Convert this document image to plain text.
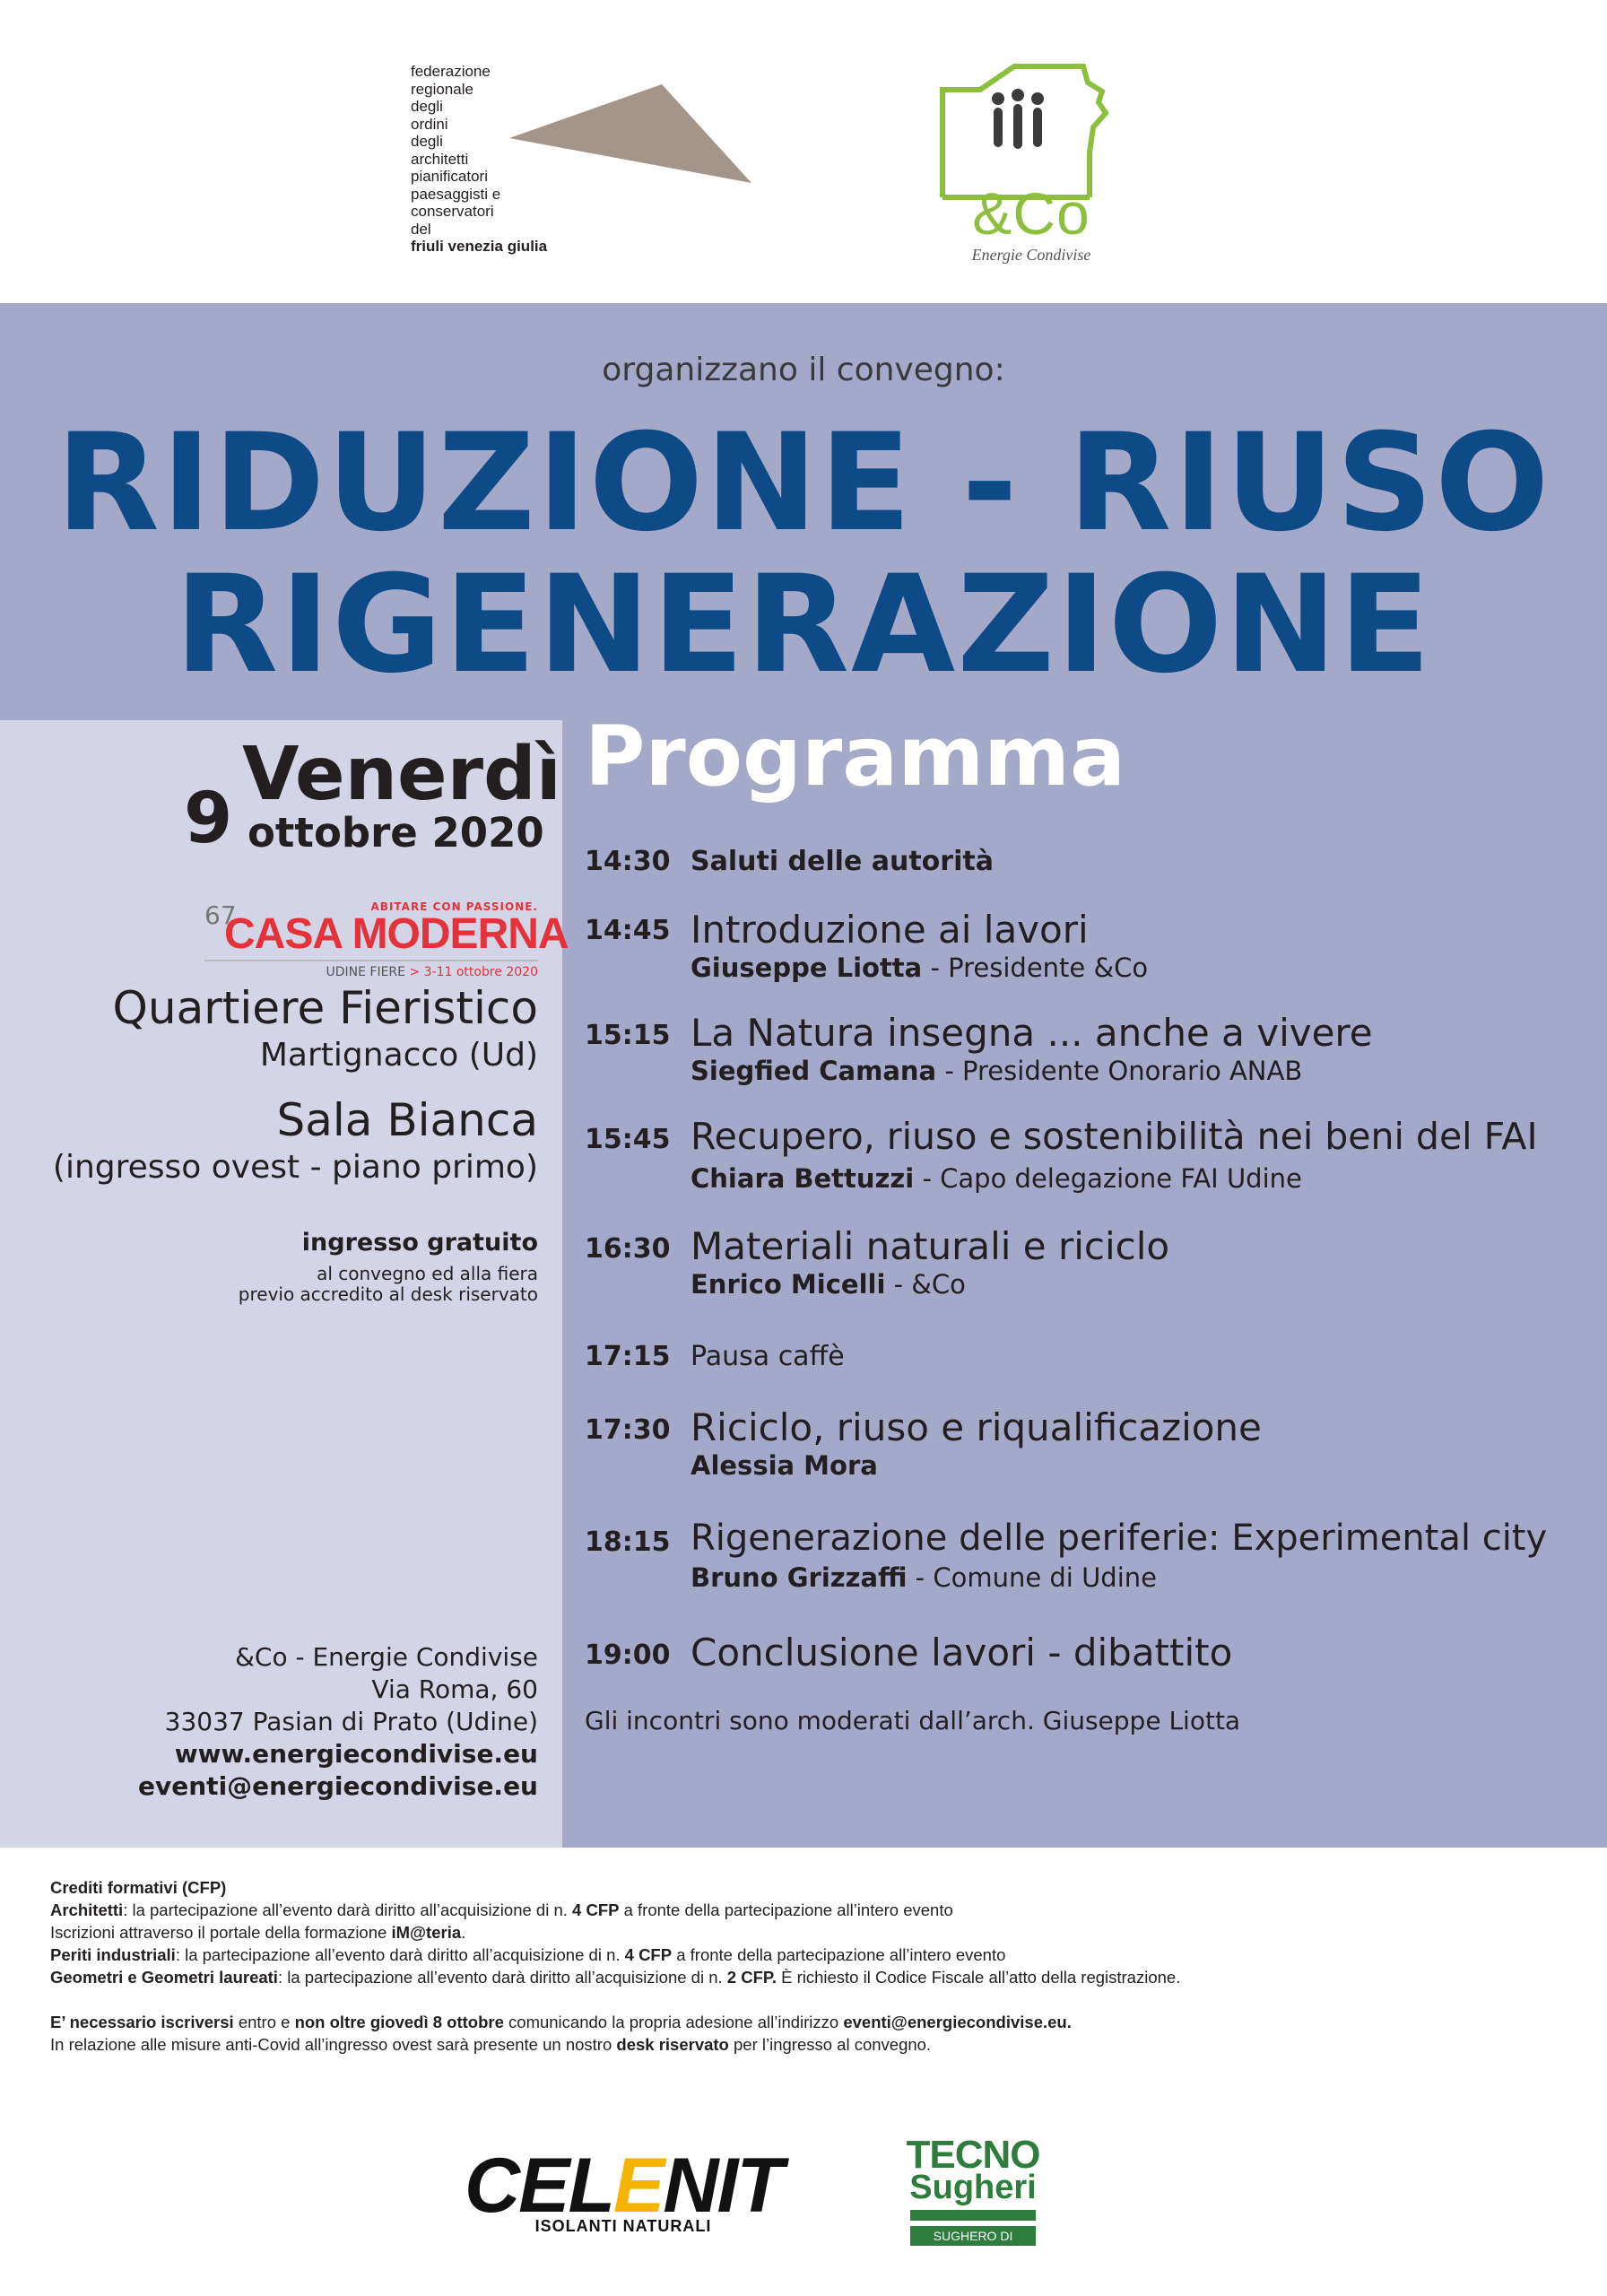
federazione
regionale
degli
ordini
degli
architetti
pianificatori
paesaggisti e
conservatori
del
friuli venezia giulia	&Co
Energie Condivise
organizzano il convegno:
RIDUZIONE - RIUSO
RIGENERAZIONE
Venerdì
9 ottobre 2020
67	ABITARE CON PASSIONE.
CASA MODERNA
UDINE FIERE > 3-11 ottobre 2020
Quartiere Fieristico
Martignacco (Ud)
Sala Bianca
(ingresso ovest - piano primo)
ingresso gratuito
al convegno ed alla fiera
previo accredito al desk riservato
&Co - Energie Condivise
Via Roma, 60
33037 Pasian di Prato (Udine)
www.energiecondivise.eu
eventi@energiecondivise.eu
Programma
14:30 Saluti delle autorità
14:45 Introduzione ai lavori
Giuseppe Liotta - Presidente &Co
15:15 La Natura insegna ... anche a vivere
Siegfied Camana - Presidente Onorario ANAB
15:45 Recupero, riuso e sostenibilità nei beni del FAI
Chiara Bettuzzi - Capo delegazione FAI Udine
16:30 Materiali naturali e riciclo
Enrico Micelli - &Co
17:15 Pausa caffè
17:30 Riciclo, riuso e riqualificazione
Alessia Mora
18:15 Rigenerazione delle periferie: Experimental city
Bruno Grizzaffi - Comune di Udine
19:00 Conclusione lavori - dibattito
Gli incontri sono moderati dall’arch. Giuseppe Liotta
Crediti formativi (CFP)
Architetti: la partecipazione all’evento darà diritto all’acquisizione di n. 4 CFP a fronte della partecipazione all’intero evento
Iscrizioni attraverso il portale della formazione iM@teria.
Periti industriali: la partecipazione all’evento darà diritto all’acquisizione di n. 4 CFP a fronte della partecipazione all’intero evento
Geometri e Geometri laureati: la partecipazione all’evento darà diritto all’acquisizione di n. 2 CFP. È richiesto il Codice Fiscale all’atto della registrazione.
E’ necessario iscriversi entro e non oltre giovedì 8 ottobre comunicando la propria adesione all’indirizzo eventi@energiecondivise.eu.
In relazione alle misure anti-Covid all’ingresso ovest sarà presente un nostro desk riservato per l’ingresso al convegno.
CELENIT
ISOLANTI NATURALI
TECNO
Sugheri
SUGHERO DI QUALITA'
